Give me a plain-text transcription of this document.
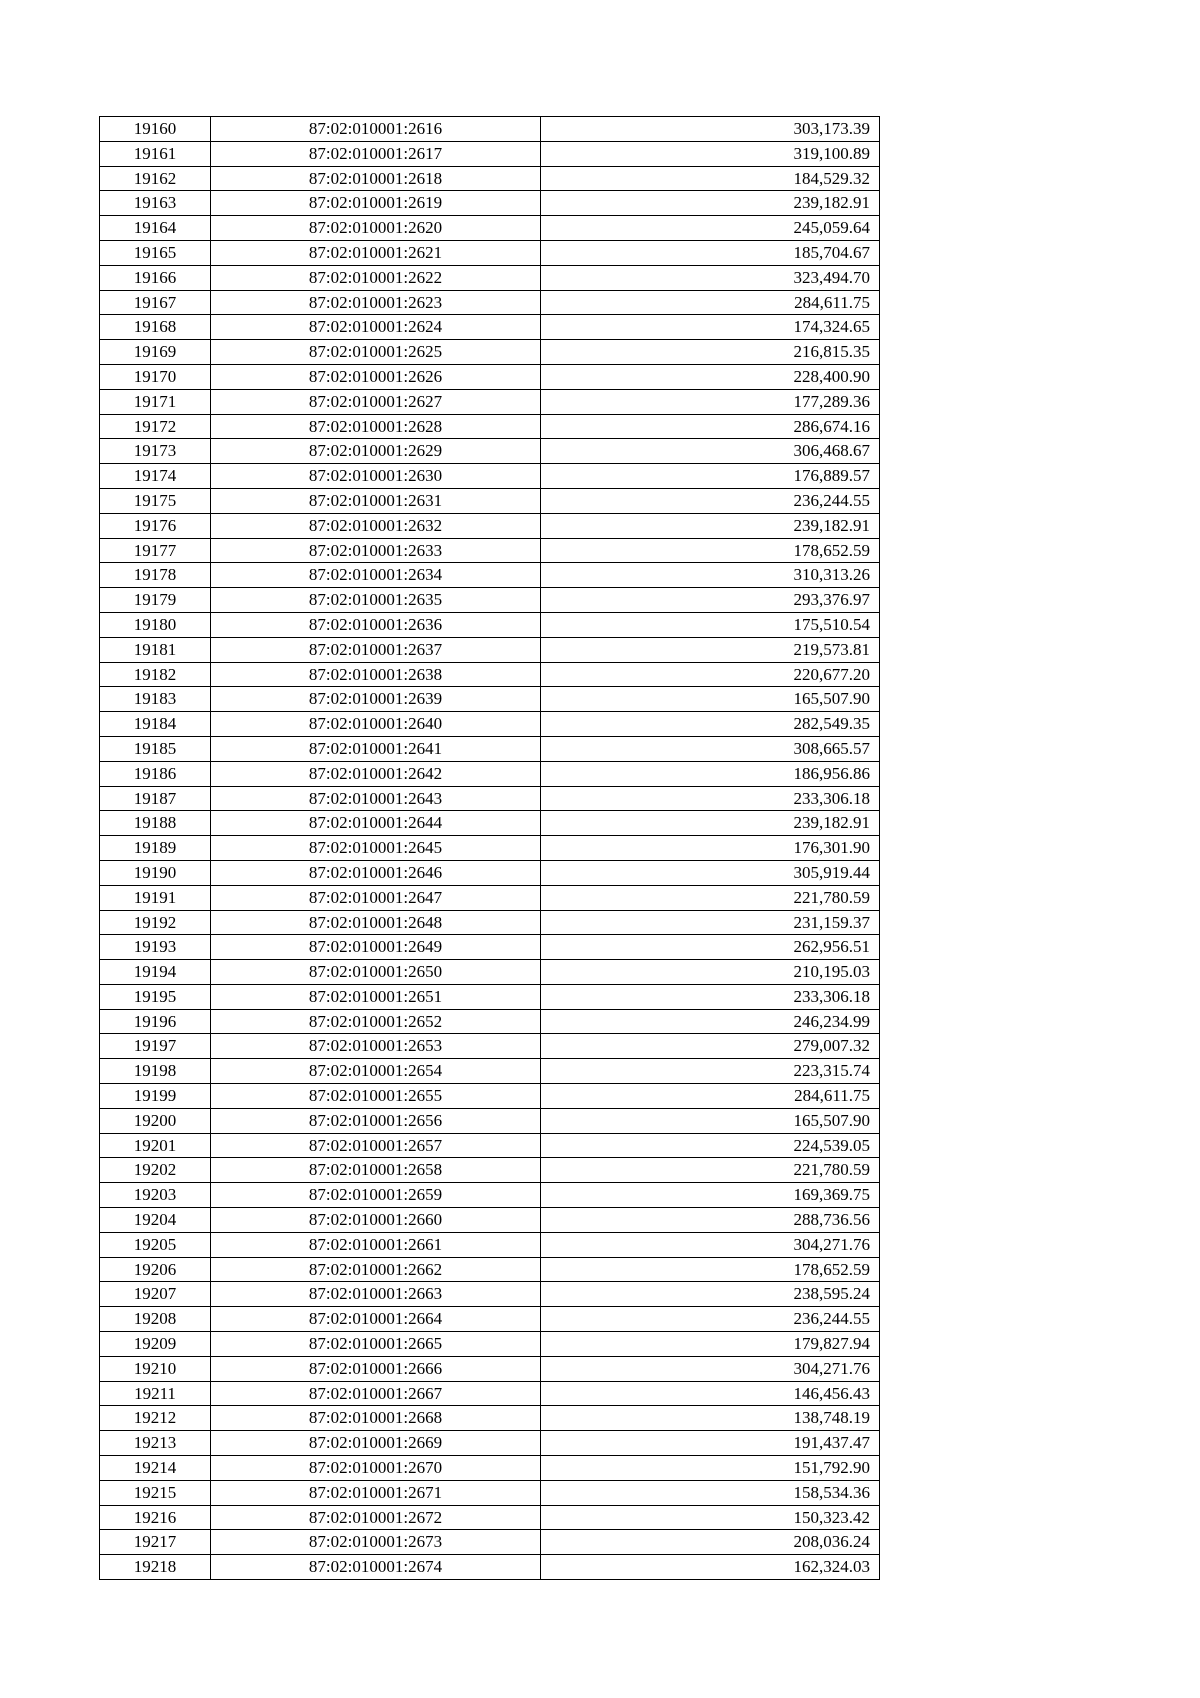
19160	87:02:010001:2616	303,173.39
19161	87:02:010001:2617	319,100.89
19162	87:02:010001:2618	184,529.32
19163	87:02:010001:2619	239,182.91
19164	87:02:010001:2620	245,059.64
19165	87:02:010001:2621	185,704.67
19166	87:02:010001:2622	323,494.70
19167	87:02:010001:2623	284,611.75
19168	87:02:010001:2624	174,324.65
19169	87:02:010001:2625	216,815.35
19170	87:02:010001:2626	228,400.90
19171	87:02:010001:2627	177,289.36
19172	87:02:010001:2628	286,674.16
19173	87:02:010001:2629	306,468.67
19174	87:02:010001:2630	176,889.57
19175	87:02:010001:2631	236,244.55
19176	87:02:010001:2632	239,182.91
19177	87:02:010001:2633	178,652.59
19178	87:02:010001:2634	310,313.26
19179	87:02:010001:2635	293,376.97
19180	87:02:010001:2636	175,510.54
19181	87:02:010001:2637	219,573.81
19182	87:02:010001:2638	220,677.20
19183	87:02:010001:2639	165,507.90
19184	87:02:010001:2640	282,549.35
19185	87:02:010001:2641	308,665.57
19186	87:02:010001:2642	186,956.86
19187	87:02:010001:2643	233,306.18
19188	87:02:010001:2644	239,182.91
19189	87:02:010001:2645	176,301.90
19190	87:02:010001:2646	305,919.44
19191	87:02:010001:2647	221,780.59
19192	87:02:010001:2648	231,159.37
19193	87:02:010001:2649	262,956.51
19194	87:02:010001:2650	210,195.03
19195	87:02:010001:2651	233,306.18
19196	87:02:010001:2652	246,234.99
19197	87:02:010001:2653	279,007.32
19198	87:02:010001:2654	223,315.74
19199	87:02:010001:2655	284,611.75
19200	87:02:010001:2656	165,507.90
19201	87:02:010001:2657	224,539.05
19202	87:02:010001:2658	221,780.59
19203	87:02:010001:2659	169,369.75
19204	87:02:010001:2660	288,736.56
19205	87:02:010001:2661	304,271.76
19206	87:02:010001:2662	178,652.59
19207	87:02:010001:2663	238,595.24
19208	87:02:010001:2664	236,244.55
19209	87:02:010001:2665	179,827.94
19210	87:02:010001:2666	304,271.76
19211	87:02:010001:2667	146,456.43
19212	87:02:010001:2668	138,748.19
19213	87:02:010001:2669	191,437.47
19214	87:02:010001:2670	151,792.90
19215	87:02:010001:2671	158,534.36
19216	87:02:010001:2672	150,323.42
19217	87:02:010001:2673	208,036.24
19218	87:02:010001:2674	162,324.03
